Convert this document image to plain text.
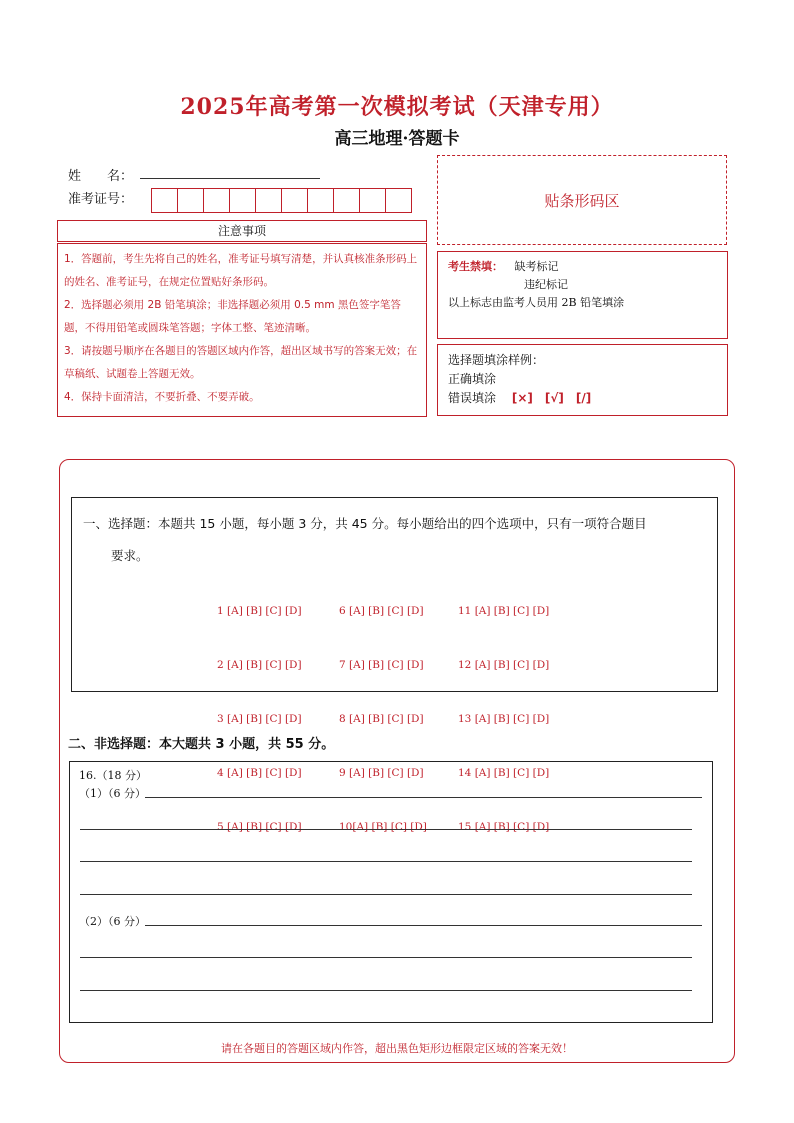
2025年高考第一次模拟考试（天津专用）
高三地理·答题卡
姓　　名：
准考证号：	贴条形码区
注意事项

1．答题前，考生先将自己的姓名，准考证号填写清楚，并认真核准条形码上的姓名、准考证号，在规定位置贴好条形码。

2．选择题必须用 2B 铅笔填涂；非选择题必须用 0.5 mm 黑色签字笔答题，不得用铅笔或圆珠笔答题；字体工整、笔迹清晰。

3．请按题号顺序在各题目的答题区域内作答，超出区域书写的答案无效；在草稿纸、试题卷上答题无效。

4．保持卡面清洁，不要折叠、不要弄破。

考生禁填： 缺考标记
违纪标记
以上标志由监考人员用 2B 铅笔填涂
选择题填涂样例：
正确填涂
错误填涂 [×]　[√]　[/]
一、选择题：本题共 15 小题，每小题 3 分，共 45 分。每小题给出的四个选项中，只有一项符合题目
要求。

1 [A] [B] [C] [D]

2 [A] [B] [C] [D]

3 [A] [B] [C] [D]

4 [A] [B] [C] [D]

5 [A] [B] [C] [D]

6 [A] [B] [C] [D]

7 [A] [B] [C] [D]

8 [A] [B] [C] [D]

9 [A] [B] [C] [D]

10[A] [B] [C] [D]

11 [A] [B] [C] [D]

12 [A] [B] [C] [D]

13 [A] [B] [C] [D]

14 [A] [B] [C] [D]

15 [A] [B] [C] [D]

二、非选择题：本大题共 3 小题，共 55 分。
16.（18 分）
（1）（6 分）
（2）（6 分）
请在各题目的答题区域内作答，超出黑色矩形边框限定区域的答案无效！
